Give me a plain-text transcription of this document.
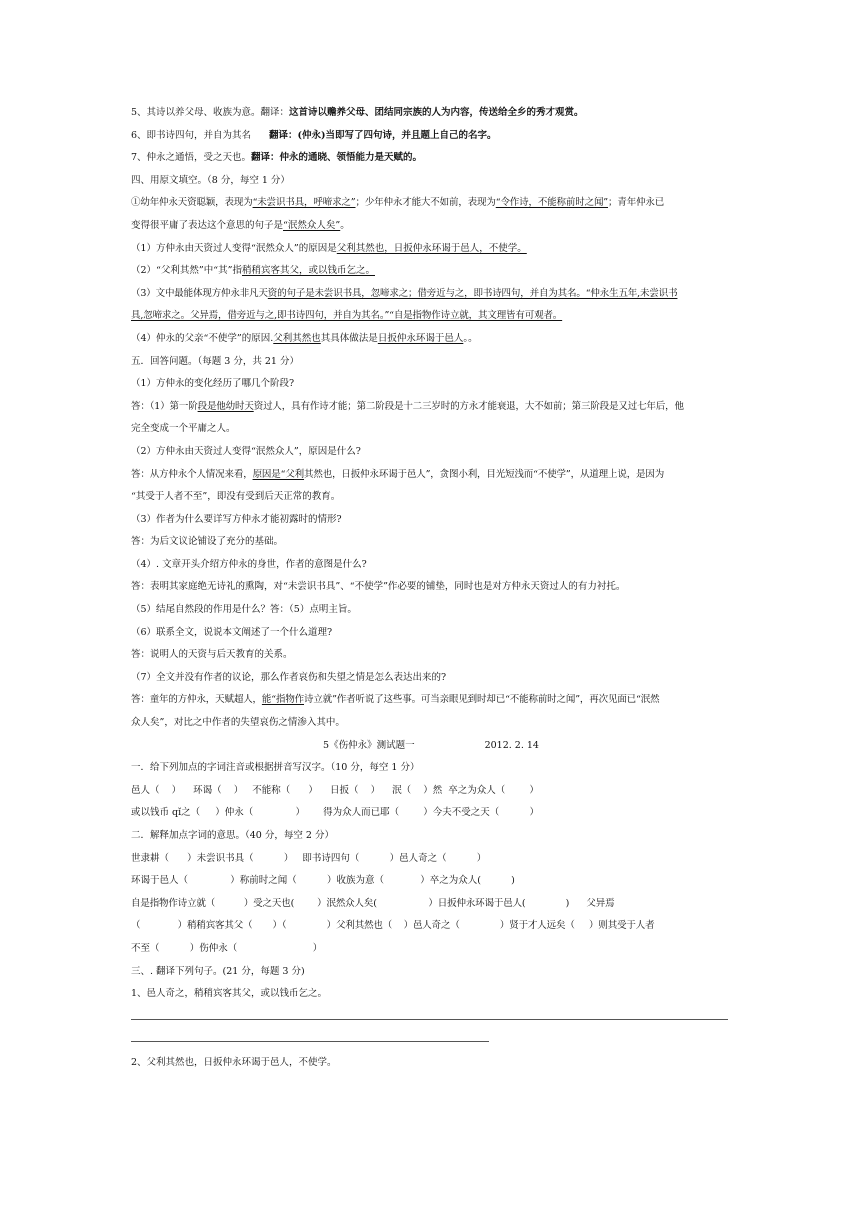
5、其诗以养父母、收族为意。翻译：这首诗以赡养父母、团结同宗族的人为内容，传送给全乡的秀才观赏。
6、即书诗四句，并自为其名 翻译：(仲永)当即写了四句诗，并且题上自己的名字。
7、仲永之通悟，受之天也。翻译：仲永的通晓、领悟能力是天赋的。
四、用原文填空。（8 分，每空 1 分）
①幼年仲永天资聪颖，表现为“未尝识书具，呼啼求之”；少年仲永才能大不如前，表现为“令作诗，不能称前时之闻”；青年仲永已
变得很平庸了表达这个意思的句子是“泯然众人矣”。
（1）方仲永由天资过人变得“泯然众人”的原因是父利其然也，日扳仲永环谒于邑人，不使学。
（2）“父利其然”中“其”指稍稍宾客其父，或以钱币乞之。
（3）文中最能体现方仲永非凡天资的句子是未尝识书具，忽啼求之；借旁近与之，即书诗四句，并自为其名。“仲永生五年,未尝识书
具,忽啼求之。父异焉，借旁近与之,即书诗四句，并自为其名。”“自是指物作诗立就，其文理皆有可观者。
（4）仲永的父亲“不使学”的原因.父利其然也其具体做法是日扳仲永环谒于邑人。。
五．回答问题。（每题 3 分，共 21 分）
（1）方仲永的变化经历了哪几个阶段?
答：（1）第一阶段是他幼时天资过人，具有作诗才能；第二阶段是十二三岁时的方永才能衰退，大不如前；第三阶段是又过七年后，他
完全变成一个平庸之人。
（2）方仲永由天资过人变得“泯然众人”，原因是什么?
答：从方仲永个人情况来看，原因是“父利其然也，日扳仲永环谒于邑人”，贪图小利，目光短浅而“不使学”，从道理上说，是因为
“其受于人者不至”，即没有受到后天正常的教育。
（3）作者为什么要详写方仲永才能初露时的情形?
答：为后文议论铺设了充分的基础。
（4）. 文章开头介绍方仲永的身世，作者的意图是什么?
答：表明其家庭绝无诗礼的熏陶，对“未尝识书具”、“不使学”作必要的铺垫，同时也是对方仲永天资过人的有力衬托。
（5）结尾自然段的作用是什么？答：（5）点明主旨。
（6）联系全文，说说本文阐述了一个什么道理?
答：说明人的天资与后天教育的关系。
（7）全文并没有作者的议论，那么作者哀伤和失望之情是怎么表达出来的?
答：童年的方仲永，天赋超人，能“指物作诗立就”作者听说了这些事。可当亲眼见到时却已“不能称前时之闻”，再次见面已“泯然
众人矣”，对比之中作者的失望哀伤之情渗入其中。
5《伤仲永》测试题一	2012. 2. 14
一．给下列加点的字词注音或根据拼音写汉字。（10 分，每空 1 分）
邑人（    ）    环谒（    ）   不能称（      ）    日扳（    ）    泯（    ）然  卒之为众人（        ）
或以钱币 qǐ之（     ）仲永（              ）      得为众人而已耶（        ）今夫不受之天（          ）
二．解释加点字词的意思。（40 分，每空 2 分）
世隶耕（      ）未尝识书具（          ）   即书诗四句（          ）邑人奇之（          ）
环谒于邑人（              ）称前时之闻（          ）收族为意（            ）卒之为众人(          )
自是指物作诗立就（          ）受之天也(        ）泯然众人矣(                  ）日扳仲永环谒于邑人(              )      父异焉
（             ）稍稍宾客其父（       ）（              ）父利其然也（    ）邑人奇之（              ）贤于才人远矣（     ）则其受于人者
不至（          ）伤仲永（                         ）
三、. 翻译下列句子。(21 分，每题 3 分)
1、邑人奇之，稍稍宾客其父，或以钱币乞之。
2、父利其然也，日扳仲永环谒于邑人，不使学。
